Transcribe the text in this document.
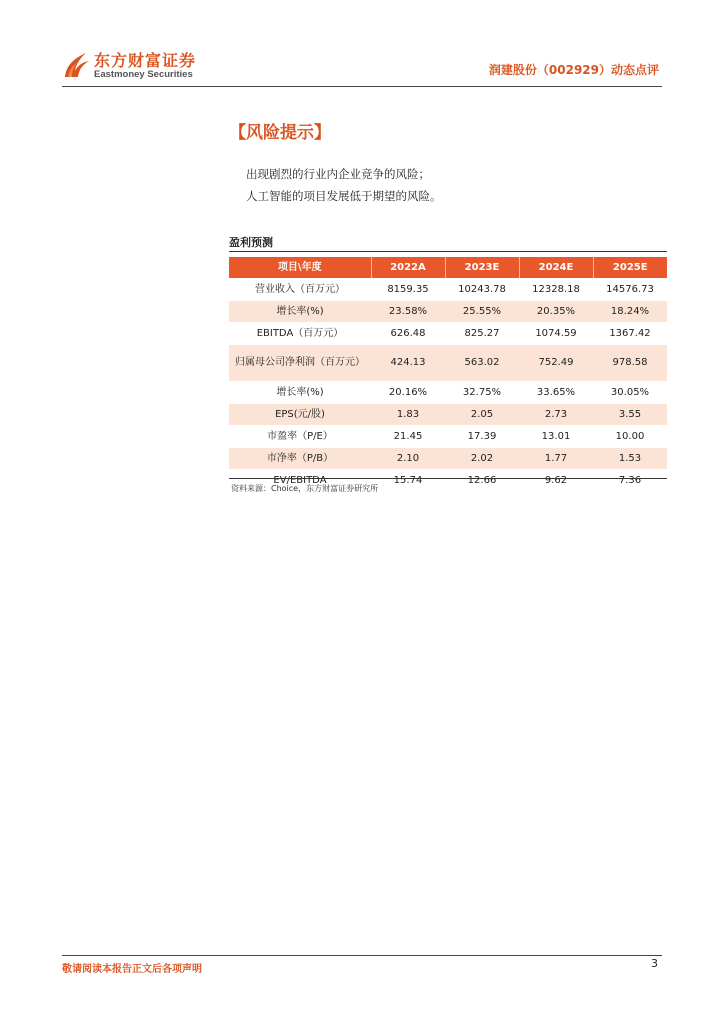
东方财富证券
Eastmoney Securities	润建股份（002929）动态点评
【风险提示】
出现剧烈的行业内企业竞争的风险；
人工智能的项目发展低于期望的风险。
盈利预测
项目\年度	2022A	2023E	2024E	2025E
营业收入（百万元）	8159.35	10243.78	12328.18	14576.73
增长率(%)	23.58%	25.55%	20.35%	18.24%
EBITDA（百万元）	626.48	825.27	1074.59	1367.42
归属母公司净利润（百万元）	424.13	563.02	752.49	978.58
增长率(%)	20.16%	32.75%	33.65%	30.05%
EPS(元/股)	1.83	2.05	2.73	3.55
市盈率（P/E）	21.45	17.39	13.01	10.00
市净率（P/B）	2.10	2.02	1.77	1.53
EV/EBITDA	15.74	12.66	9.62	7.36
资料来源：Choice，东方财富证券研究所
敬请阅读本报告正文后各项声明	3
